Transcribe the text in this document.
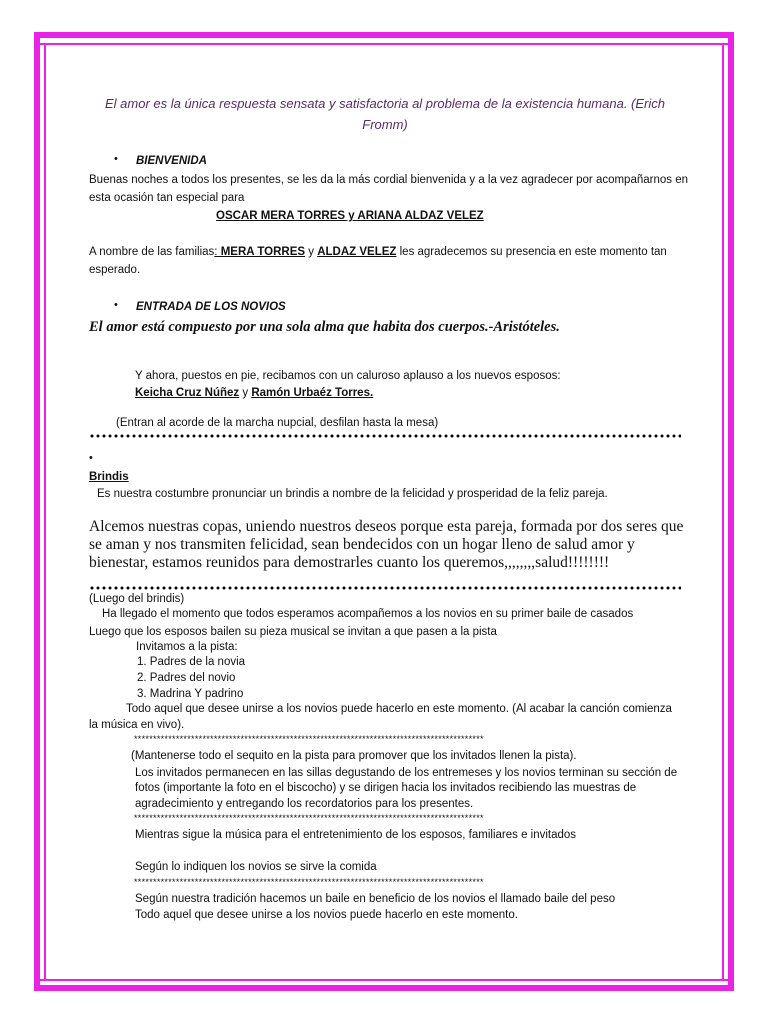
El amor es la única respuesta sensata y satisfactoria al problema de la existencia humana. (Erich Fromm)
• BIENVENIDA
Buenas noches a todos los presentes, se les da la más cordial bienvenida y a la vez agradecer por acompañarnos en
esta ocasión tan especial para
OSCAR MERA TORRES y ARIANA ALDAZ VELEZ
A nombre de las familias: MERA TORRES y ALDAZ VELEZ les agradecemos su presencia en este momento tan
esperado.
• ENTRADA DE LOS NOVIOS
El amor está compuesto por una sola alma que habita dos cuerpos.-Aristóteles.
Y ahora, puestos en pie, recibamos con un caluroso aplauso a los nuevos esposos:
Keicha Cruz Núñez y Ramón Urbaéz Torres.
(Entran al acorde de la marcha nupcial, desfilan hasta la mesa)
•
Brindis
Es nuestra costumbre pronunciar un brindis a nombre de la felicidad y prosperidad de la feliz pareja.
Alcemos nuestras copas, uniendo nuestros deseos porque esta pareja, formada por dos seres que
se aman y nos transmiten felicidad, sean bendecidos con un hogar lleno de salud amor y
bienestar, estamos reunidos para demostrarles cuanto los queremos,,,,,,,,salud!!!!!!!!
(Luego del brindis)
Ha llegado el momento que todos esperamos acompañemos a los novios en su primer baile de casados
Luego que los esposos bailen su pieza musical se invitan a que pasen a la pista
Invitamos a la pista:
1. Padres de la novia
2. Padres del novio
3. Madrina Y padrino
Todo aquel que desee unirse a los novios puede hacerlo en este momento. (Al acabar la canción comienza
la música en vivo).
********************************************************************************************
(Mantenerse todo el sequito en la pista para promover que los invitados llenen la pista).
Los invitados permanecen en las sillas degustando de los entremeses y los novios terminan su sección de
fotos (importante la foto en el biscocho) y se dirigen hacia los invitados recibiendo las muestras de
agradecimiento y entregando los recordatorios para los presentes.
********************************************************************************************
Mientras sigue la música para el entretenimiento de los esposos, familiares e invitados
Según lo indiquen los novios se sirve la comida
********************************************************************************************
Según nuestra tradición hacemos un baile en beneficio de los novios el llamado baile del peso
Todo aquel que desee unirse a los novios puede hacerlo en este momento.
